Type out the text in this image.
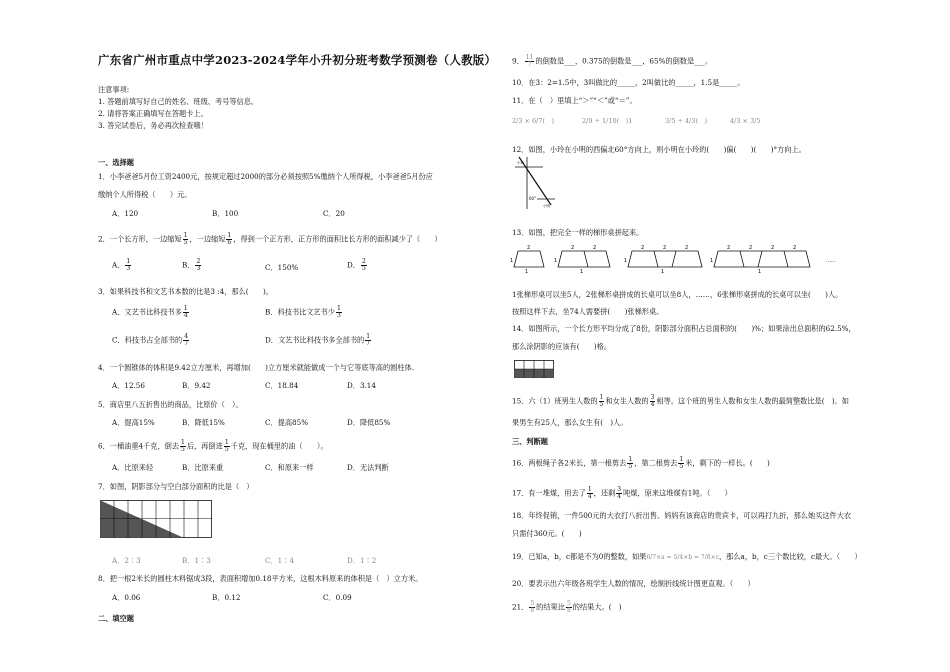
广东省广州市重点中学2023-2024学年小升初分班考数学预测卷（人教版）
注意事项:
1. 答题前填写好自己的姓名、班级、考号等信息。
2. 请将答案正确填写在答题卡上。
3. 答完试卷后，务必再次检查哦！
一、选择题
1．小李爸爸5月份工资2400元，按规定超过2000的部分必须按照5%缴纳个人所得税，小李爸爸5月份应
缴纳个人所得税（　　）元。
A．120	B．100	C．20
2．一个长方形，一边缩短 $\frac{1}{5}$ ，一边缩短 $\frac{1}{6}$ ，得到一个正方形，正方形的面积比长方形的面积减少了（　　）
A． $\frac{1}{3}$	B． $\frac{2}{3}$	C．150%	D． $\frac{2}{5}$
3．如果科技书和文艺书本数的比是3 :4，那么(　　)。
A．文艺书比科技书多 $\frac{1}{4}$	B．科技书比文艺书少 $\frac{1}{3}$
C．科技书占全部书的 $\frac{4}{7}$	D．文艺书比科技书多全部书的 $\frac{1}{7}$
4．一个圆锥体的体积是9.42立方厘米，再增加(　　)立方厘米就能做成一个与它等底等高的圆柱体.
A．12.56	B．9.42	C．18.84	D．3.14
5．商店里八五折售出的商品，比原价（　）。
A．提高15%	B．降低15%	C．提高85%	D．降低85%
6．一桶油重4千克，倒去 $\frac{1}{5}$ 后，再倒进 $\frac{1}{5}$ 千克，现在桶里的油（　　）。
A．比原来轻	B．比原来重	C．和原来一样	D．无法判断
7．如图，阴影部分与空白部分面积的比是（　）
A．2∶3	B．1∶3	C．1∶4	D．1∶2
8．把一根2米长的圆柱木料锯成3段，表面积增加0.18平方米，这根木料原来的体积是（　）立方米。
A．0.06	B．0.12	C．0.09
二、填空题
9． $\frac{11}{7}$ 的倒数是___，0.375的倒数是___，65%的倒数是___。
10．在3：2=1.5中，3叫做比的_____，2叫做比的_____，1.5是_____。
11．在（　）里填上“＞”“＜”或“＝”。
2/3 × 6/7(　)	2/9 ÷ 1/10(　)1	3/5 ÷ 4/3(　)	4/3 × 3/5
12．如图，小玲在小明的西偏北60°方向上，则小明在小玲的(　　)偏(　　)(　　)°方向上。
60°
小明
小玲
13．如图，把完全一样的梯形桌拼起来。
2
1
1
2	2
1
1
2	2	2
1
1
2	2	2	2
1
1	……
1张梯形桌可以坐5人，2张梯形桌拼成的长桌可以坐8人，……，6张梯形桌拼成的长桌可以坐(　　)人。
按照这样下去，坐74人需要拼(　　)张梯形桌。
14．如图所示，一个长方形平均分成了8份，阴影部分面积占总面积的(　　)%；如果涂出总面积的62.5%，
那么涂阴影的应该有(　　)格。
15．六（1）班男生人数的 $\frac{1}{5}$ 和女生人数的 $\frac{3}{4}$ 相等。这个班的男生人数和女生人数的最简整数比是(　)。如
果男生有25人，那么女生有(　)人。
三、判断题
16．两根绳子各2米长，第一根剪去 $\frac{1}{5}$ ，第二根剪去 $\frac{1}{5}$ 米，剩下的一样长。(　　)
17．有一堆煤，用去了 $\frac{1}{4}$ ，还剩 $\frac{3}{4}$ 吨煤，原来这堆煤有1吨。（　　）
18．年终促销，一件500元的大衣打八折出售。妈妈有该商店的贵宾卡，可以再打九折，那么她买这件大衣
只需付360元。(　　)
19．已知a，b，c都是不为0的整数，如果6/7×a = 5/4×b = 7/8×c，那么a，b，c三个数比较，c最大。（　　）
20．要表示出六年级各班学生人数的情况，绘制折线统计图更直观。（　　）
21． $\frac{5}{8}$ 的结果比 $\frac{5}{8}$ 的结果大。(　)
